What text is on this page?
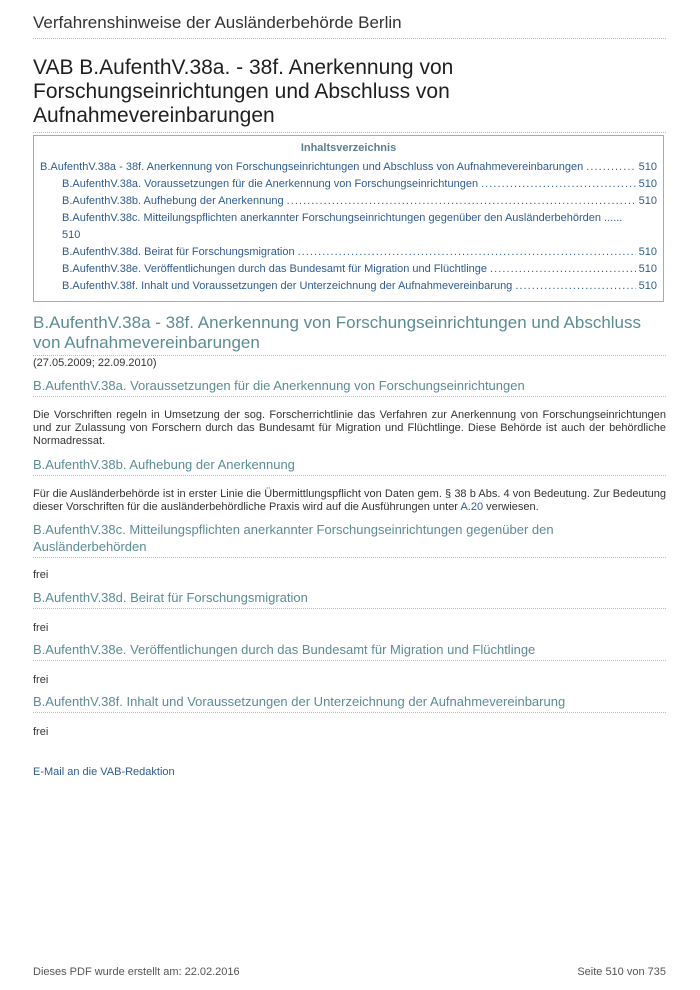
Verfahrenshinweise der Ausländerbehörde Berlin
VAB B.AufenthV.38a. - 38f. Anerkennung von Forschungseinrichtungen und Abschluss von Aufnahmevereinbarungen
Inhaltsverzeichnis
B.AufenthV.38a - 38f. Anerkennung von Forschungseinrichtungen und Abschluss von Aufnahmevereinbarungen . . .	510
B.AufenthV.38a. Voraussetzungen für die Anerkennung von Forschungseinrichtungen . . .	510
B.AufenthV.38b. Aufhebung der Anerkennung . . .	510
B.AufenthV.38c. Mitteilungspflichten anerkannter Forschungseinrichtungen gegenüber den Ausländerbehörden ......
510
B.AufenthV.38d. Beirat für Forschungsmigration . . .	510
B.AufenthV.38e. Veröffentlichungen durch das Bundesamt für Migration und Flüchtlinge . . .	510
B.AufenthV.38f. Inhalt und Voraussetzungen der Unterzeichnung der Aufnahmevereinbarung . . .	510
B.AufenthV.38a - 38f. Anerkennung von Forschungseinrichtungen und Abschluss von Aufnahmevereinbarungen
(27.05.2009; 22.09.2010)
B.AufenthV.38a. Voraussetzungen für die Anerkennung von Forschungseinrichtungen

Die Vorschriften regeln in Umsetzung der sog. Forscherrichtlinie das Verfahren zur Anerkennung von Forschungseinrichtungen und zur Zulassung von Forschern durch das Bundesamt für Migration und Flüchtlinge. Diese Behörde ist auch der behördliche Normadressat.

B.AufenthV.38b. Aufhebung der Anerkennung

Für die Ausländerbehörde ist in erster Linie die Übermittlungspflicht von Daten gem. § 38 b Abs. 4 von Bedeutung. Zur Bedeutung dieser Vorschriften für die ausländerbehördliche Praxis wird auf die Ausführungen unter A.20 verwiesen.

B.AufenthV.38c. Mitteilungspflichten anerkannter Forschungseinrichtungen gegenüber den Ausländerbehörden

frei

B.AufenthV.38d. Beirat für Forschungsmigration

frei

B.AufenthV.38e. Veröffentlichungen durch das Bundesamt für Migration und Flüchtlinge

frei

B.AufenthV.38f. Inhalt und Voraussetzungen der Unterzeichnung der Aufnahmevereinbarung

frei

E-Mail an die VAB-Redaktion
Dieses PDF wurde erstellt am: 22.02.2016	Seite 510 von 735
